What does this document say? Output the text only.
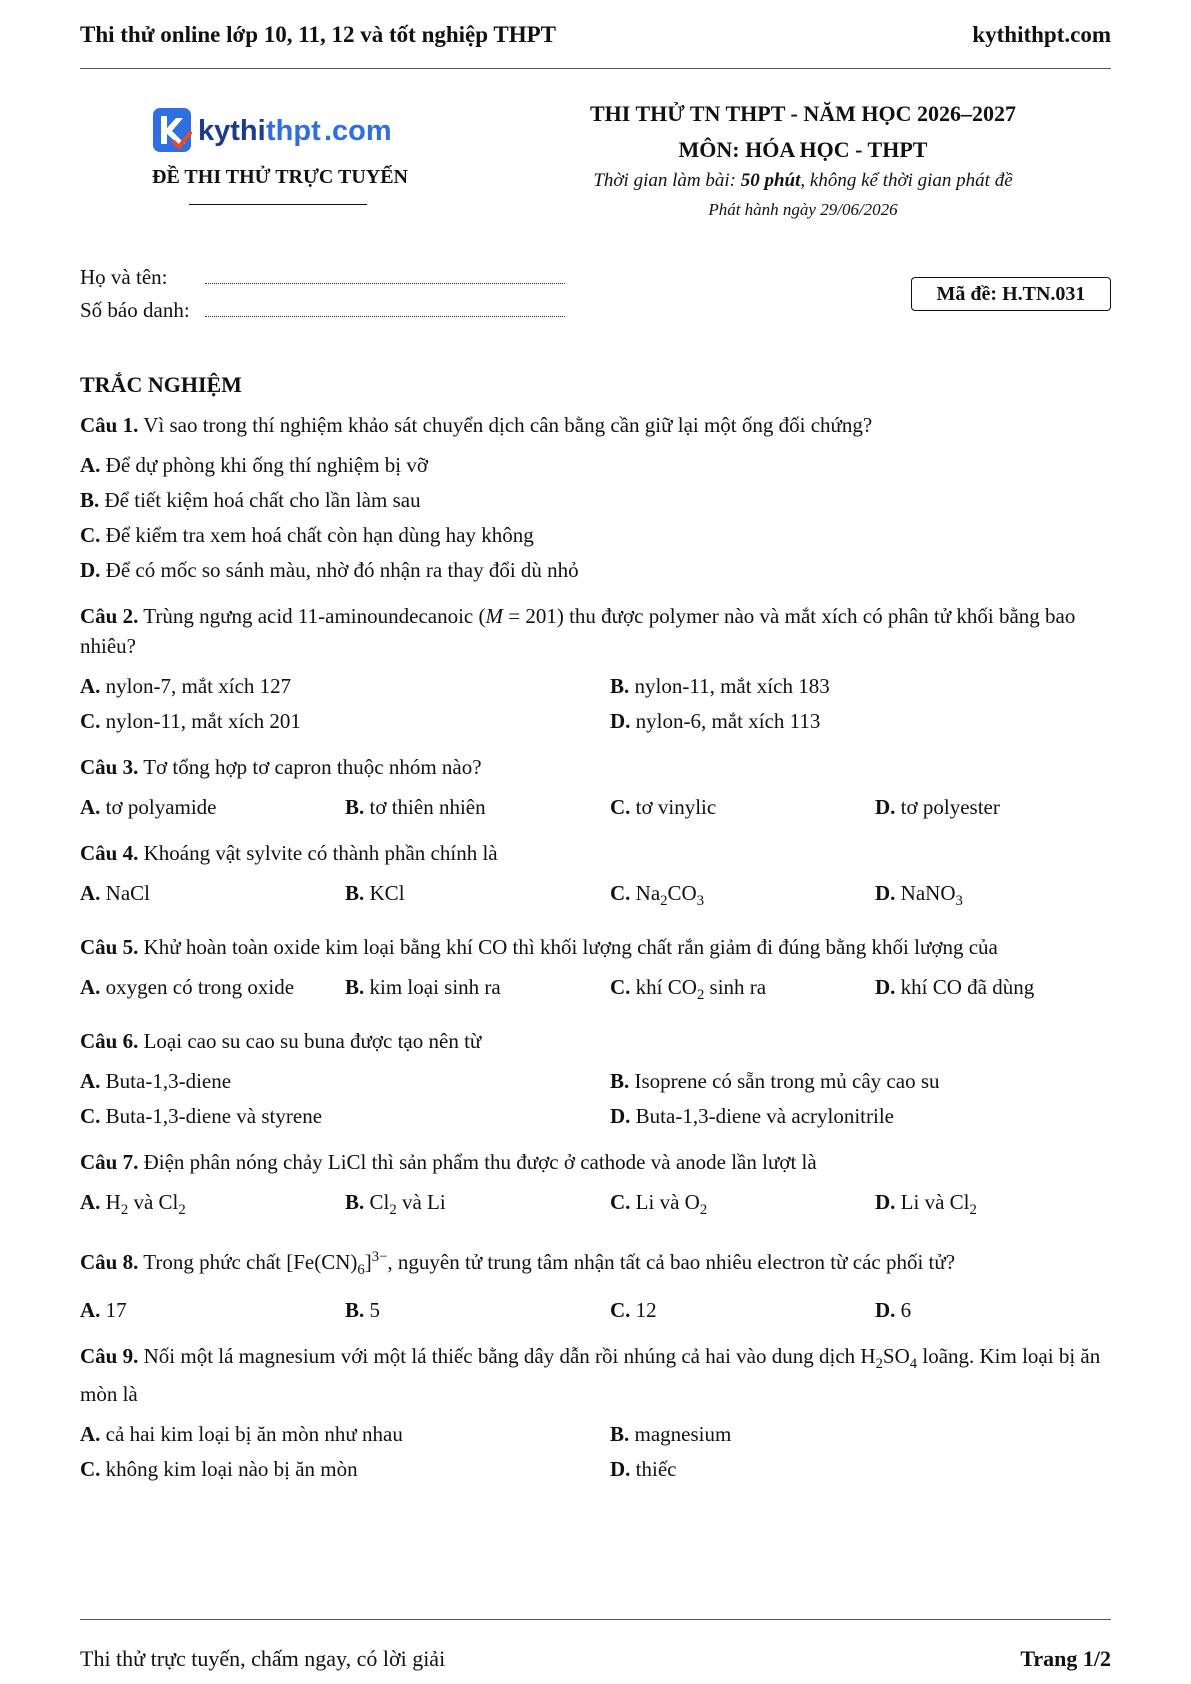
Thi thử online lớp 10, 11, 12 và tốt nghiệp THPT	kythithpt.com
kythi thpt .com
ĐỀ THI THỬ TRỰC TUYẾN
THI THỬ TN THPT - NĂM HỌC 2026–2027
MÔN: HÓA HỌC - THPT
Thời gian làm bài: 50 phút, không kể thời gian phát đề
Phát hành ngày 29/06/2026
Họ và tên:
Số báo danh:
Mã đề: H.TN.031
TRẮC NGHIỆM

Câu 1. Vì sao trong thí nghiệm khảo sát chuyển dịch cân bằng cần giữ lại một ống đối chứng?

A. Để dự phòng khi ống thí nghiệm bị vỡ
B. Để tiết kiệm hoá chất cho lần làm sau
C. Để kiểm tra xem hoá chất còn hạn dùng hay không
D. Để có mốc so sánh màu, nhờ đó nhận ra thay đổi dù nhỏ

Câu 2. Trùng ngưng acid 11-aminoundecanoic (M = 201) thu được polymer nào và mắt xích có phân tử khối bằng bao nhiêu?

A. nylon-7, mắt xích 127	B. nylon-11, mắt xích 183
C. nylon-11, mắt xích 201	D. nylon-6, mắt xích 113

Câu 3. Tơ tổng hợp tơ capron thuộc nhóm nào?

A. tơ polyamide	B. tơ thiên nhiên	C. tơ vinylic	D. tơ polyester

Câu 4. Khoáng vật sylvite có thành phần chính là

A. NaCl	B. KCl	C. $Na_2CO_3$	D. NaNO$_3$

Câu 5. Khử hoàn toàn oxide kim loại bằng khí CO thì khối lượng chất rắn giảm đi đúng bằng khối lượng của

A. oxygen có trong oxide	B. kim loại sinh ra	C. khí $CO_2$ sinh ra	D. khí CO đã dùng

Câu 6. Loại cao su cao su buna được tạo nên từ

A. Buta-1,3-diene	B. Isoprene có sẵn trong mủ cây cao su
C. Buta-1,3-diene và styrene	D. Buta-1,3-diene và acrylonitrile

Câu 7. Điện phân nóng chảy LiCl thì sản phẩm thu được ở cathode và anode lần lượt là

A. $H_2$ và $Cl_2$	B. $Cl_2$ và Li	C. Li và $O_2$	D. Li và $Cl_2$

Câu 8. Trong phức chất $[Fe(CN)_6]^{3-}$, nguyên tử trung tâm nhận tất cả bao nhiêu electron từ các phối tử?

A. 17	B. 5	C. 12	D. 6

Câu 9. Nối một lá magnesium với một lá thiếc bằng dây dẫn rồi nhúng cả hai vào dung dịch $H_2SO_4$ loãng. Kim loại bị ăn mòn là

A. cả hai kim loại bị ăn mòn như nhau	B. magnesium
C. không kim loại nào bị ăn mòn	D. thiếc
Thi thử trực tuyến, chấm ngay, có lời giải	Trang 1/2
